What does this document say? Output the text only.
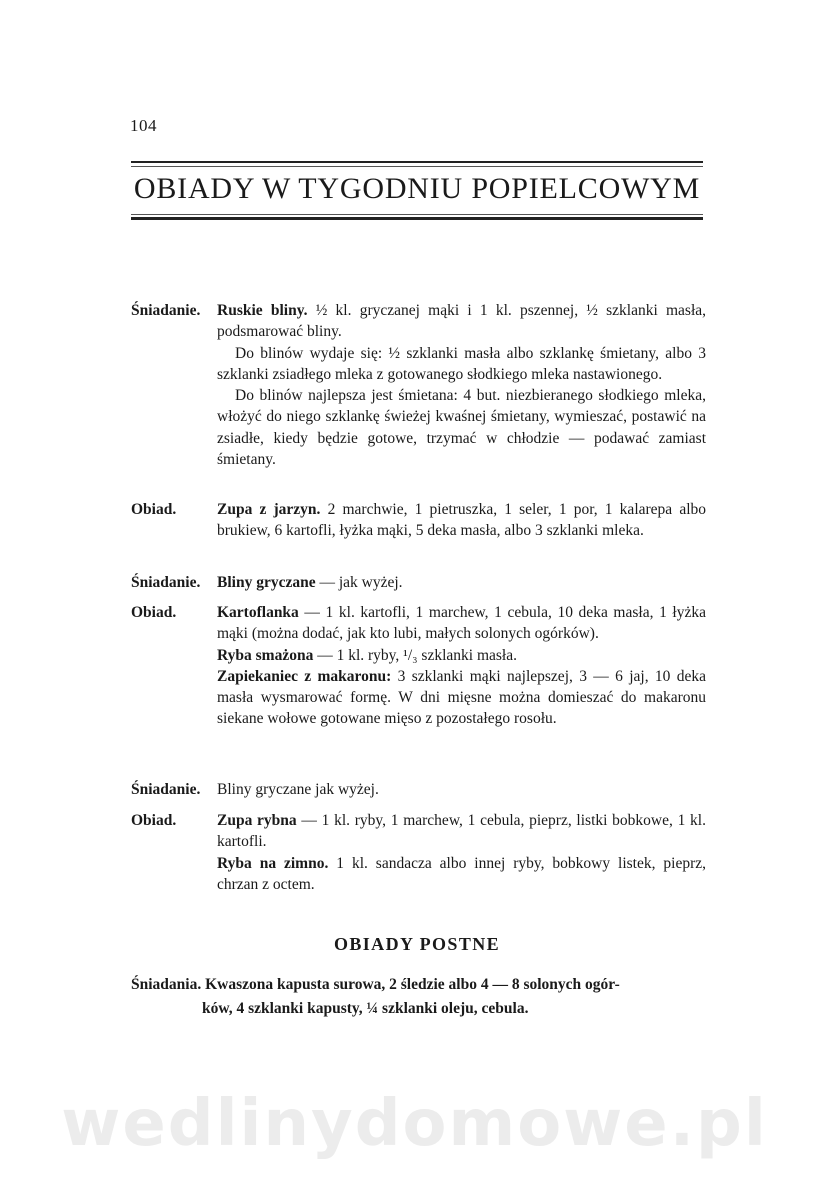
104
OBIADY W TYGODNIU POPIELCOWYM
Śniadanie. Ruskie bliny. ½ kl. gryczanej mąki i 1 kl. pszennej, ½ szklanki masła, podsmarować bliny.

Do blinów wydaje się: ½ szklanki masła albo szklankę śmietany, albo 3 szklanki zsiadłego mleka z gotowanego słodkiego mleka nastawionego.

Do blinów najlepsza jest śmietana: 4 but. niezbieranego słodkiego mleka, włożyć do niego szklankę świeżej kwaśnej śmietany, wymieszać, postawić na zsiadłe, kiedy będzie gotowe, trzymać w chłodzie — podawać zamiast śmietany.

Obiad.	Zupa z jarzyn. 2 marchwie, 1 pietruszka, 1 seler, 1 por, 1 kalarepa albo brukiew, 6 kartofli, łyżka mąki, 5 deka masła, albo 3 szklanki mleka.

Śniadanie. Bliny gryczane — jak wyżej.

Obiad.	Kartoflanka — 1 kl. kartofli, 1 marchew, 1 cebula, 10 deka masła, 1 łyżka mąki (można dodać, jak kto lubi, małych solonych ogórków).

Ryba smażona — 1 kl. ryby, ¹/₃ szklanki masła.

Zapiekaniec z makaronu: 3 szklanki mąki najlepszej, 3 — 6 jaj, 10 deka masła wysmarować formę. W dni mięsne można domieszać do makaronu siekane wołowe gotowane mięso z pozostałego rosołu.

Śniadanie. Bliny gryczane jak wyżej.

Obiad.	Zupa rybna — 1 kl. ryby, 1 marchew, 1 cebula, pieprz, listki bobkowe, 1 kl. kartofli.

Ryba na zimno. 1 kl. sandacza albo innej ryby, bobkowy listek, pieprz, chrzan z octem.

OBIADY POSTNE
Śniadania. Kwaszona kapusta surowa, 2 śledzie albo 4 — 8 solonych ogór-
ków, 4 szklanki kapusty, ¼ szklanki oleju, cebula.
wedlinydomowe.pl
